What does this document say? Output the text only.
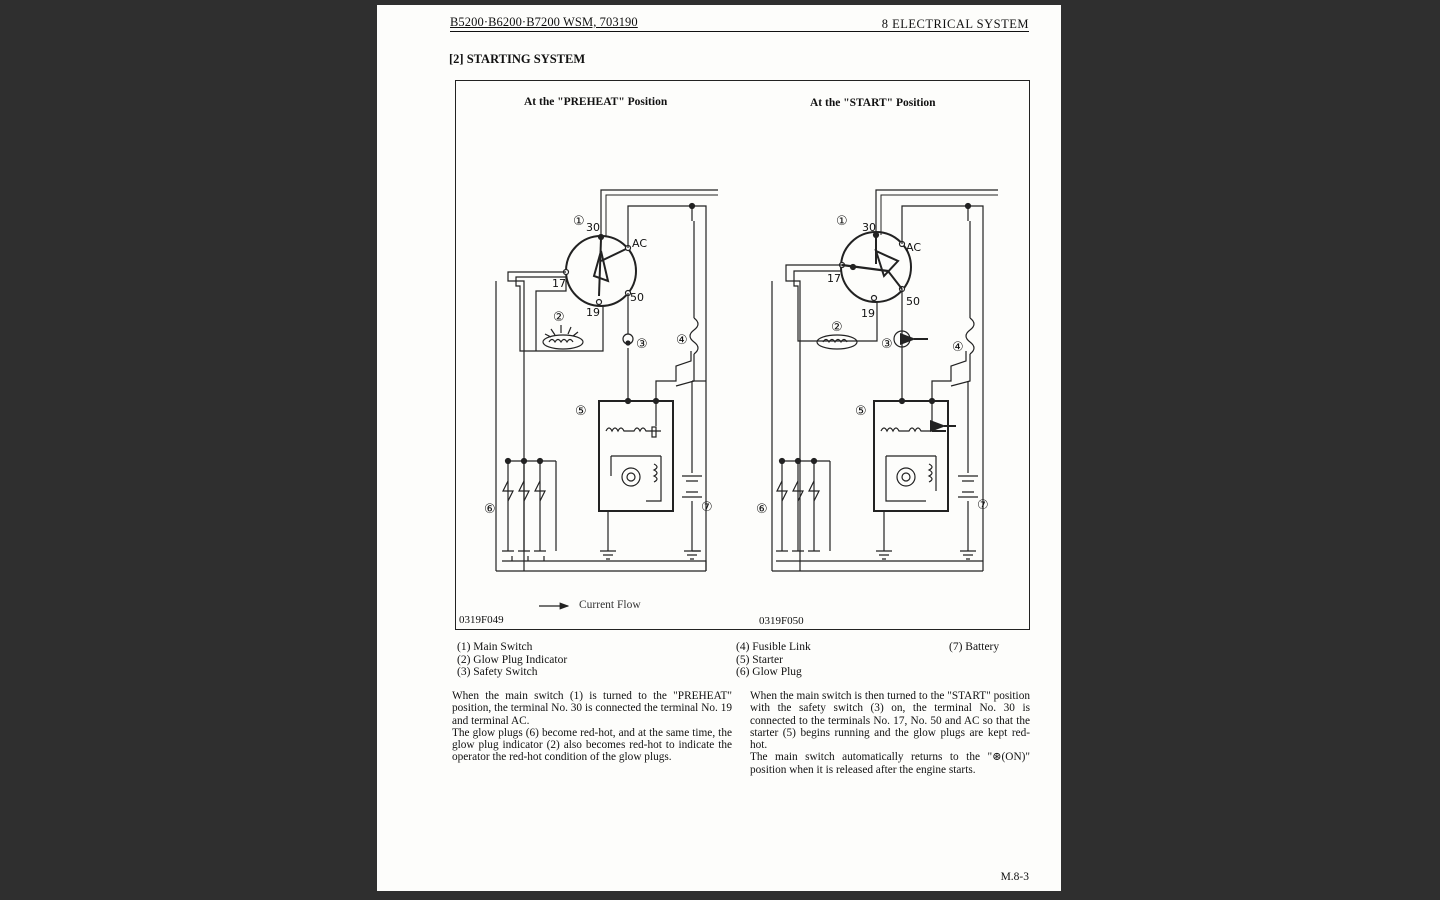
B5200·B6200·B7200 WSM, 703190	8 ELECTRICAL SYSTEM
[2] STARTING SYSTEM
30
AC
17
50
19
①
②
③ ④
⑤
⑥	⑦
30
AC
17
50
19
①
②
③	④
⑤
⑥	⑦
At the "PREHEAT" Position	At the "START" Position
Current Flow
0319F049	0319F050
(1) Main Switch
(2) Glow Plug Indicator
(3) Safety Switch
(4) Fusible Link
(5) Starter
(6) Glow Plug
(7) Battery

When the main switch (1) is turned to the "PREHEAT" position, the terminal No. 30 is connected the terminal No. 19 and terminal AC.

The glow plugs (6) become red-hot, and at the same time, the glow plug indicator (2) also becomes red-hot to indicate the operator the red-hot condition of the glow plugs.

When the main switch is then turned to the "START" position with the safety switch (3) on, the terminal No. 30 is connected to the terminals No. 17, No. 50 and AC so that the starter (5) begins running and the glow plugs are kept red-hot.

The main switch automatically returns to the "⊛(ON)" position when it is released after the engine starts.

M.8-3
